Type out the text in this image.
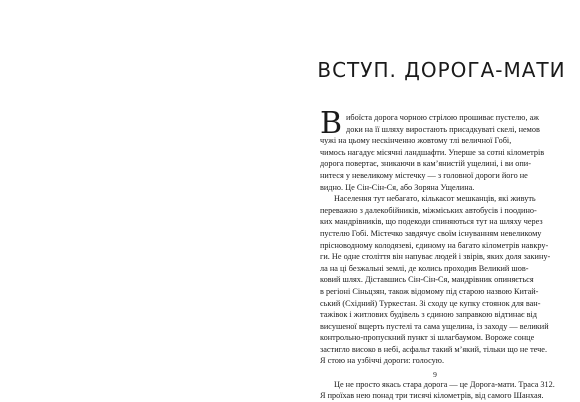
ВСТУП. ДОРОГА-МАТИ
В ибоїста дорога чорною стрілою прошиває пустелю, аж
доки на її шляху виростають присадкуваті скелі, немов
чужі на цьому нескінченно жовтому тлі величної Гобі,
чимось нагадує місячні ландшафти. Уперше за сотні кілометрів
дорога повертає, зникаючи в кам’янистій ущелині, і ви опи-
нитеся у невеликому містечку — з головної дороги його не
видно. Це Сін-Сін-Ся, або Зоряна Ущелина.
Населення тут небагато, кількасот мешканців, які живуть
переважно з далекобійників, міжміських автобусів і поодино-
ких мандрівників, що подекоди спиняються тут на шляху через
пустелю Гобі. Містечко завдячує своїм існуванням невеликому
прісноводному колодязеві, єдиному на багато кілометрів навкру-
ги. Не одне століття він напуває людей і звірів, яких доля закину-
ла на ці безжальні землі, де колись проходив Великий шов-
ковий шлях. Діставшись Сін-Сін-Ся, мандрівник опиняється
в регіоні Сіньцзян, також відомому під старою назвою Китай-
ський (Східний) Туркестан. Зі сходу це купку стоянок для ван-
тажівок і житлових будівель з єдиною заправкою відтинає від
висушеної вщерть пустелі та сама ущелина, із заходу — великий
контрольно-пропускний пункт зі шлагбаумом. Вороже сонце
застигло високо в небі, асфальт такий м’який, тільки що не тече.
Я стою на узбіччі дороги: голосую.
Це не просто якась стара дорога — це Дорога-мати. Траса 312.
Я проїхав нею понад три тисячі кілометрів, від самого Шанхая.
9
